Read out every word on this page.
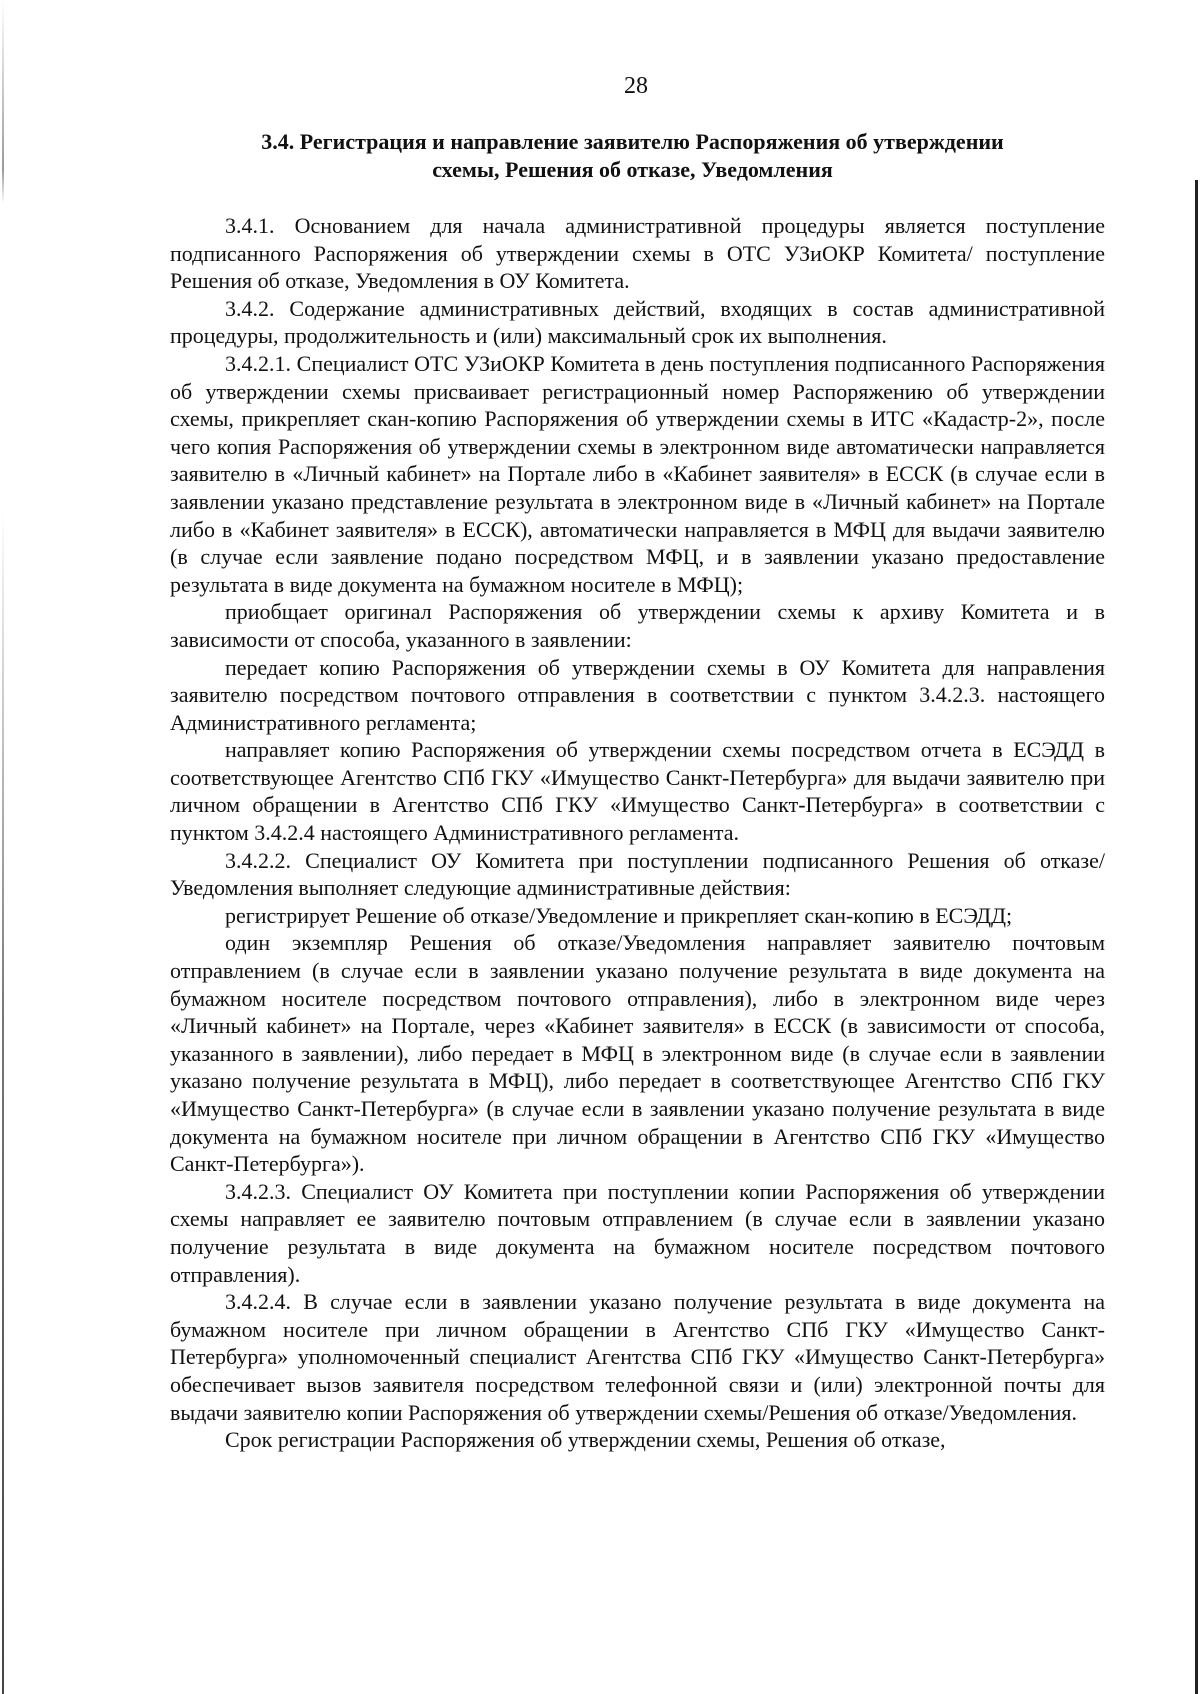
28
3.4. Регистрация и направление заявителю Распоряжения об утверждении
схемы, Решения об отказе, Уведомления

3.4.1. Основанием для начала административной процедуры является поступление подписанного Распоряжения об утверждении схемы в ОТС УЗиОКР Комитета/ поступление Решения об отказе, Уведомления в ОУ Комитета.

3.4.2. Содержание административных действий, входящих в состав административной процедуры, продолжительность и (или) максимальный срок их выполнения.

3.4.2.1. Специалист ОТС УЗиОКР Комитета в день поступления подписанного Распоряжения об утверждении схемы присваивает регистрационный номер Распоряжению об утверждении схемы, прикрепляет скан-копию Распоряжения об утверждении схемы в ИТС «Кадастр-2», после чего копия Распоряжения об утверждении схемы в электронном виде автоматически направляется заявителю в «Личный кабинет» на Портале либо в «Кабинет заявителя» в ЕССК (в случае если в заявлении указано представление результата в электронном виде в «Личный кабинет» на Портале либо в «Кабинет заявителя» в ЕССК), автоматически направляется в МФЦ для выдачи заявителю (в случае если заявление подано посредством МФЦ, и в заявлении указано предоставление результата в виде документа на бумажном носителе в МФЦ);

приобщает оригинал Распоряжения об утверждении схемы к архиву Комитета и в зависимости от способа, указанного в заявлении:

передает копию Распоряжения об утверждении схемы в ОУ Комитета для направления заявителю посредством почтового отправления в соответствии с пунктом 3.4.2.3. настоящего Административного регламента;

направляет копию Распоряжения об утверждении схемы посредством отчета в ЕСЭДД в соответствующее Агентство СПб ГКУ «Имущество Санкт-Петербурга» для выдачи заявителю при личном обращении в Агентство СПб ГКУ «Имущество Санкт-Петербурга» в соответствии с пунктом 3.4.2.4 настоящего Административного регламента.

3.4.2.2. Специалист ОУ Комитета при поступлении подписанного Решения об отказе/ Уведомления выполняет следующие административные действия:

регистрирует Решение об отказе/Уведомление и прикрепляет скан-копию в ЕСЭДД;

один экземпляр Решения об отказе/Уведомления направляет заявителю почтовым отправлением (в случае если в заявлении указано получение результата в виде документа на бумажном носителе посредством почтового отправления), либо в электронном виде через «Личный кабинет» на Портале, через «Кабинет заявителя» в ЕССК (в зависимости от способа, указанного в заявлении), либо передает в МФЦ в электронном виде (в случае если в заявлении указано получение результата в МФЦ), либо передает в соответствующее Агентство СПб ГКУ «Имущество Санкт-Петербурга» (в случае если в заявлении указано получение результата в виде документа на бумажном носителе при личном обращении в Агентство СПб ГКУ «Имущество Санкт-Петербурга»).

3.4.2.3. Специалист ОУ Комитета при поступлении копии Распоряжения об утверждении схемы направляет ее заявителю почтовым отправлением (в случае если в заявлении указано получение результата в виде документа на бумажном носителе посредством почтового отправления).

3.4.2.4. В случае если в заявлении указано получение результата в виде документа на бумажном носителе при личном обращении в Агентство СПб ГКУ «Имущество Санкт-Петербурга» уполномоченный специалист Агентства СПб ГКУ «Имущество Санкт-Петербурга» обеспечивает вызов заявителя посредством телефонной связи и (или) электронной почты для выдачи заявителю копии Распоряжения об утверждении схемы/Решения об отказе/Уведомления.

Срок регистрации Распоряжения об утверждении схемы, Решения об отказе,
